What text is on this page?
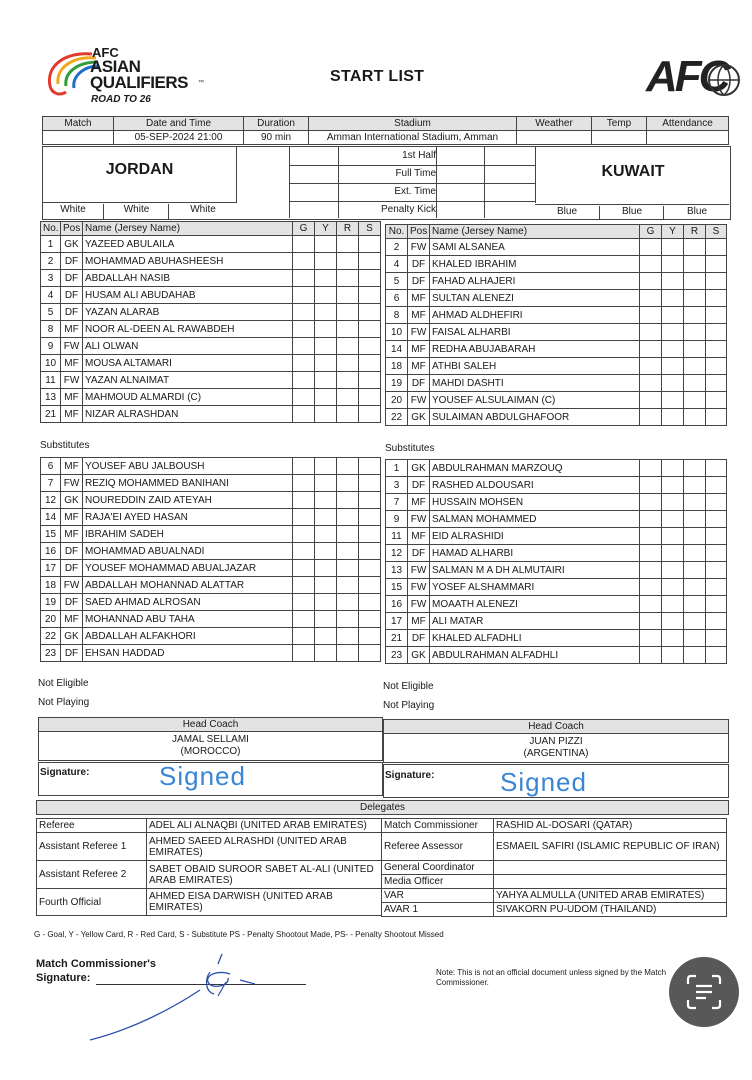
AFC
ASIAN
QUALIFIERS ™
ROAD TO 26
START LIST	AFC
Match	Date and Time	Duration	Stadium	Weather	Temp	Attendance
	05-SEP-2024 21:00	90 min	Amman International Stadium, Amman			
JORDAN
1st Half
Full Time
Ext. Time
Penalty Kick
KUWAIT
White	White	White	Blue	Blue	Blue
No.	Pos	Name (Jersey Name)	G	Y	R	S
1	GK	YAZEED ABULAILA				
2	DF	MOHAMMAD ABUHASHEESH				
3	DF	ABDALLAH NASIB				
4	DF	HUSAM ALI ABUDAHAB				
5	DF	YAZAN ALARAB				
8	MF	NOOR AL-DEEN AL RAWABDEH				
9	FW	ALI OLWAN				
10	MF	MOUSA ALTAMARI				
11	FW	YAZAN ALNAIMAT				
13	MF	MAHMOUD ALMARDI (C)				
21	MF	NIZAR ALRASHDAN				
No.	Pos	Name (Jersey Name)	G	Y	R	S
2	FW	SAMI ALSANEA				
4	DF	KHALED IBRAHIM				
5	DF	FAHAD ALHAJERI				
6	MF	SULTAN ALENEZI				
8	MF	AHMAD ALDHEFIRI				
10	FW	FAISAL ALHARBI				
14	MF	REDHA ABUJABARAH				
18	MF	ATHBI SALEH				
19	DF	MAHDI DASHTI				
20	FW	YOUSEF ALSULAIMAN (C)				
22	GK	SULAIMAN ABDULGHAFOOR				
Substitutes	Substitutes
6	MF	YOUSEF ABU JALBOUSH				
7	FW	REZIQ MOHAMMED BANIHANI				
12	GK	NOUREDDIN ZAID ATEYAH				
14	MF	RAJA'EI AYED HASAN				
15	MF	IBRAHIM SADEH				
16	DF	MOHAMMAD ABUALNADI				
17	DF	YOUSEF MOHAMMAD ABUALJAZAR				
18	FW	ABDALLAH MOHANNAD ALATTAR				
19	DF	SAED AHMAD ALROSAN				
20	MF	MOHANNAD ABU TAHA				
22	GK	ABDALLAH ALFAKHORI				
23	DF	EHSAN HADDAD				
1	GK	ABDULRAHMAN MARZOUQ				
3	DF	RASHED ALDOUSARI				
7	MF	HUSSAIN MOHSEN				
9	FW	SALMAN MOHAMMED				
11	MF	EID ALRASHIDI				
12	DF	HAMAD ALHARBI				
13	FW	SALMAN M A DH ALMUTAIRI				
15	FW	YOSEF ALSHAMMARI				
16	FW	MOAATH ALENEZI				
17	MF	ALI MATAR				
21	DF	KHALED ALFADHLI				
23	GK	ABDULRAHMAN ALFADHLI				
Not Eligible
Not Playing
Not Eligible
Not Playing
Head Coach
JAMAL SELLAMI
(MOROCCO)
Head Coach
JUAN PIZZI
(ARGENTINA)
Signature:	Signed	Signature:	Signed
Delegates
Referee	ADEL ALI ALNAQBI (UNITED ARAB EMIRATES)
Assistant Referee 1	AHMED SAEED ALRASHDI (UNITED ARAB EMIRATES)
Assistant Referee 2	SABET OBAID SUROOR SABET AL-ALI (UNITED ARAB EMIRATES)
Fourth Official	AHMED EISA DARWISH (UNITED ARAB EMIRATES)
Match Commissioner	RASHID AL-DOSARI (QATAR)
Referee Assessor	ESMAEIL SAFIRI (ISLAMIC REPUBLIC OF IRAN)
General Coordinator	
Media Officer	
VAR	YAHYA ALMULLA (UNITED ARAB EMIRATES)
AVAR 1	SIVAKORN PU-UDOM (THAILAND)
G - Goal, Y - Yellow Card, R - Red Card, S - Substitute PS - Penalty Shootout Made, PS- - Penalty Shootout Missed
Match Commissioner's
Signature:	Note: This is not an official document unless signed by the Match Commissioner.
